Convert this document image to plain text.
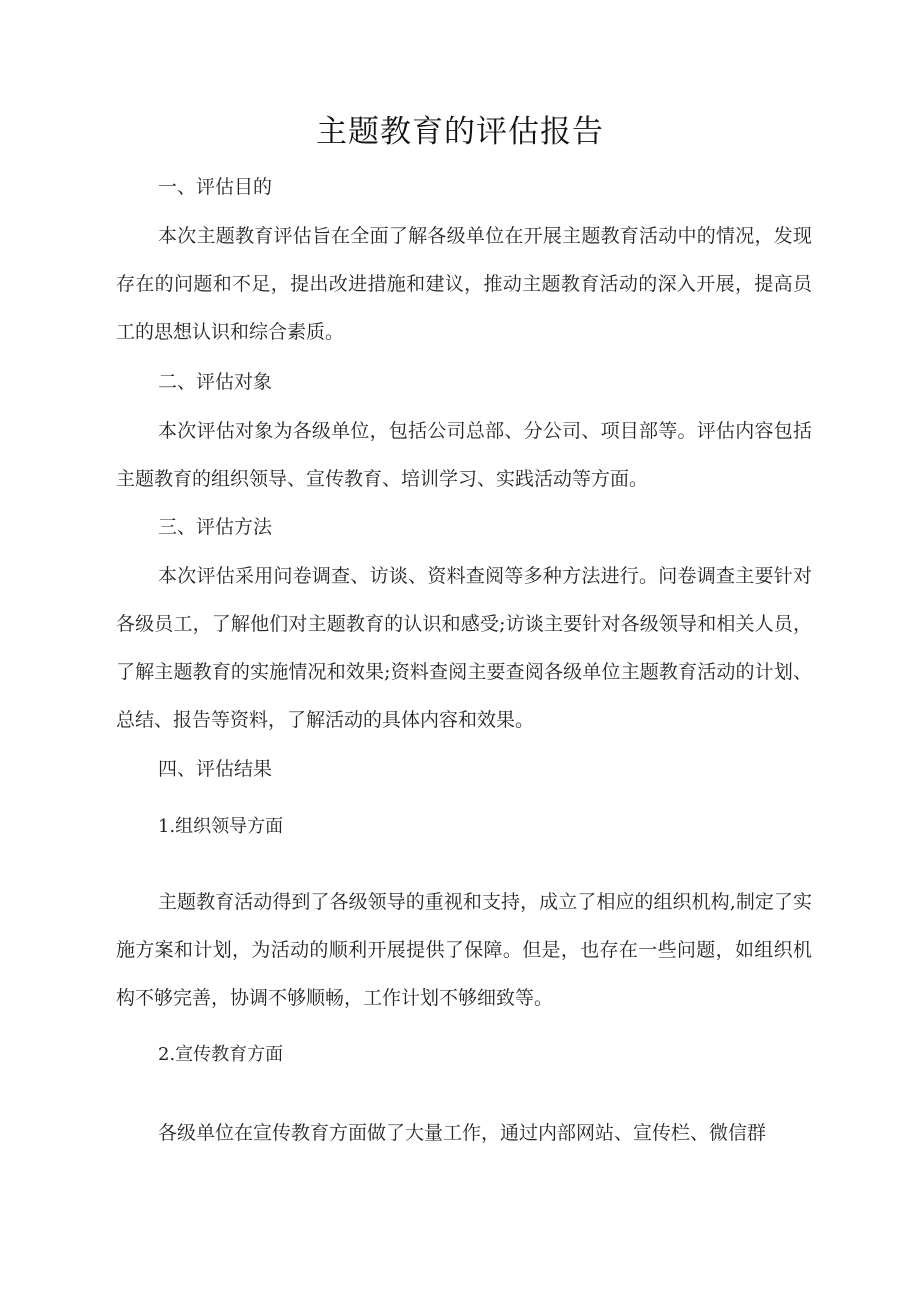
主题教育的评估报告
一、评估目的

本次主题教育评估旨在全面了解各级单位在开展主题教育活动中的情况，发现存在的问题和不足，提出改进措施和建议，推动主题教育活动的深入开展，提高员工的思想认识和综合素质。

二、评估对象

本次评估对象为各级单位，包括公司总部、分公司、项目部等。评估内容包括主题教育的组织领导、宣传教育、培训学习、实践活动等方面。

三、评估方法

本次评估采用问卷调查、访谈、资料查阅等多种方法进行。问卷调查主要针对各级员工，了解他们对主题教育的认识和感受;访谈主要针对各级领导和相关人员，了解主题教育的实施情况和效果;资料查阅主要查阅各级单位主题教育活动的计划、总结、报告等资料，了解活动的具体内容和效果。

四、评估结果
1.组织领导方面

主题教育活动得到了各级领导的重视和支持，成立了相应的组织机构,制定了实施方案和计划，为活动的顺利开展提供了保障。但是，也存在一些问题，如组织机构不够完善，协调不够顺畅，工作计划不够细致等。

2.宣传教育方面

各级单位在宣传教育方面做了大量工作，通过内部网站、宣传栏、微信群
